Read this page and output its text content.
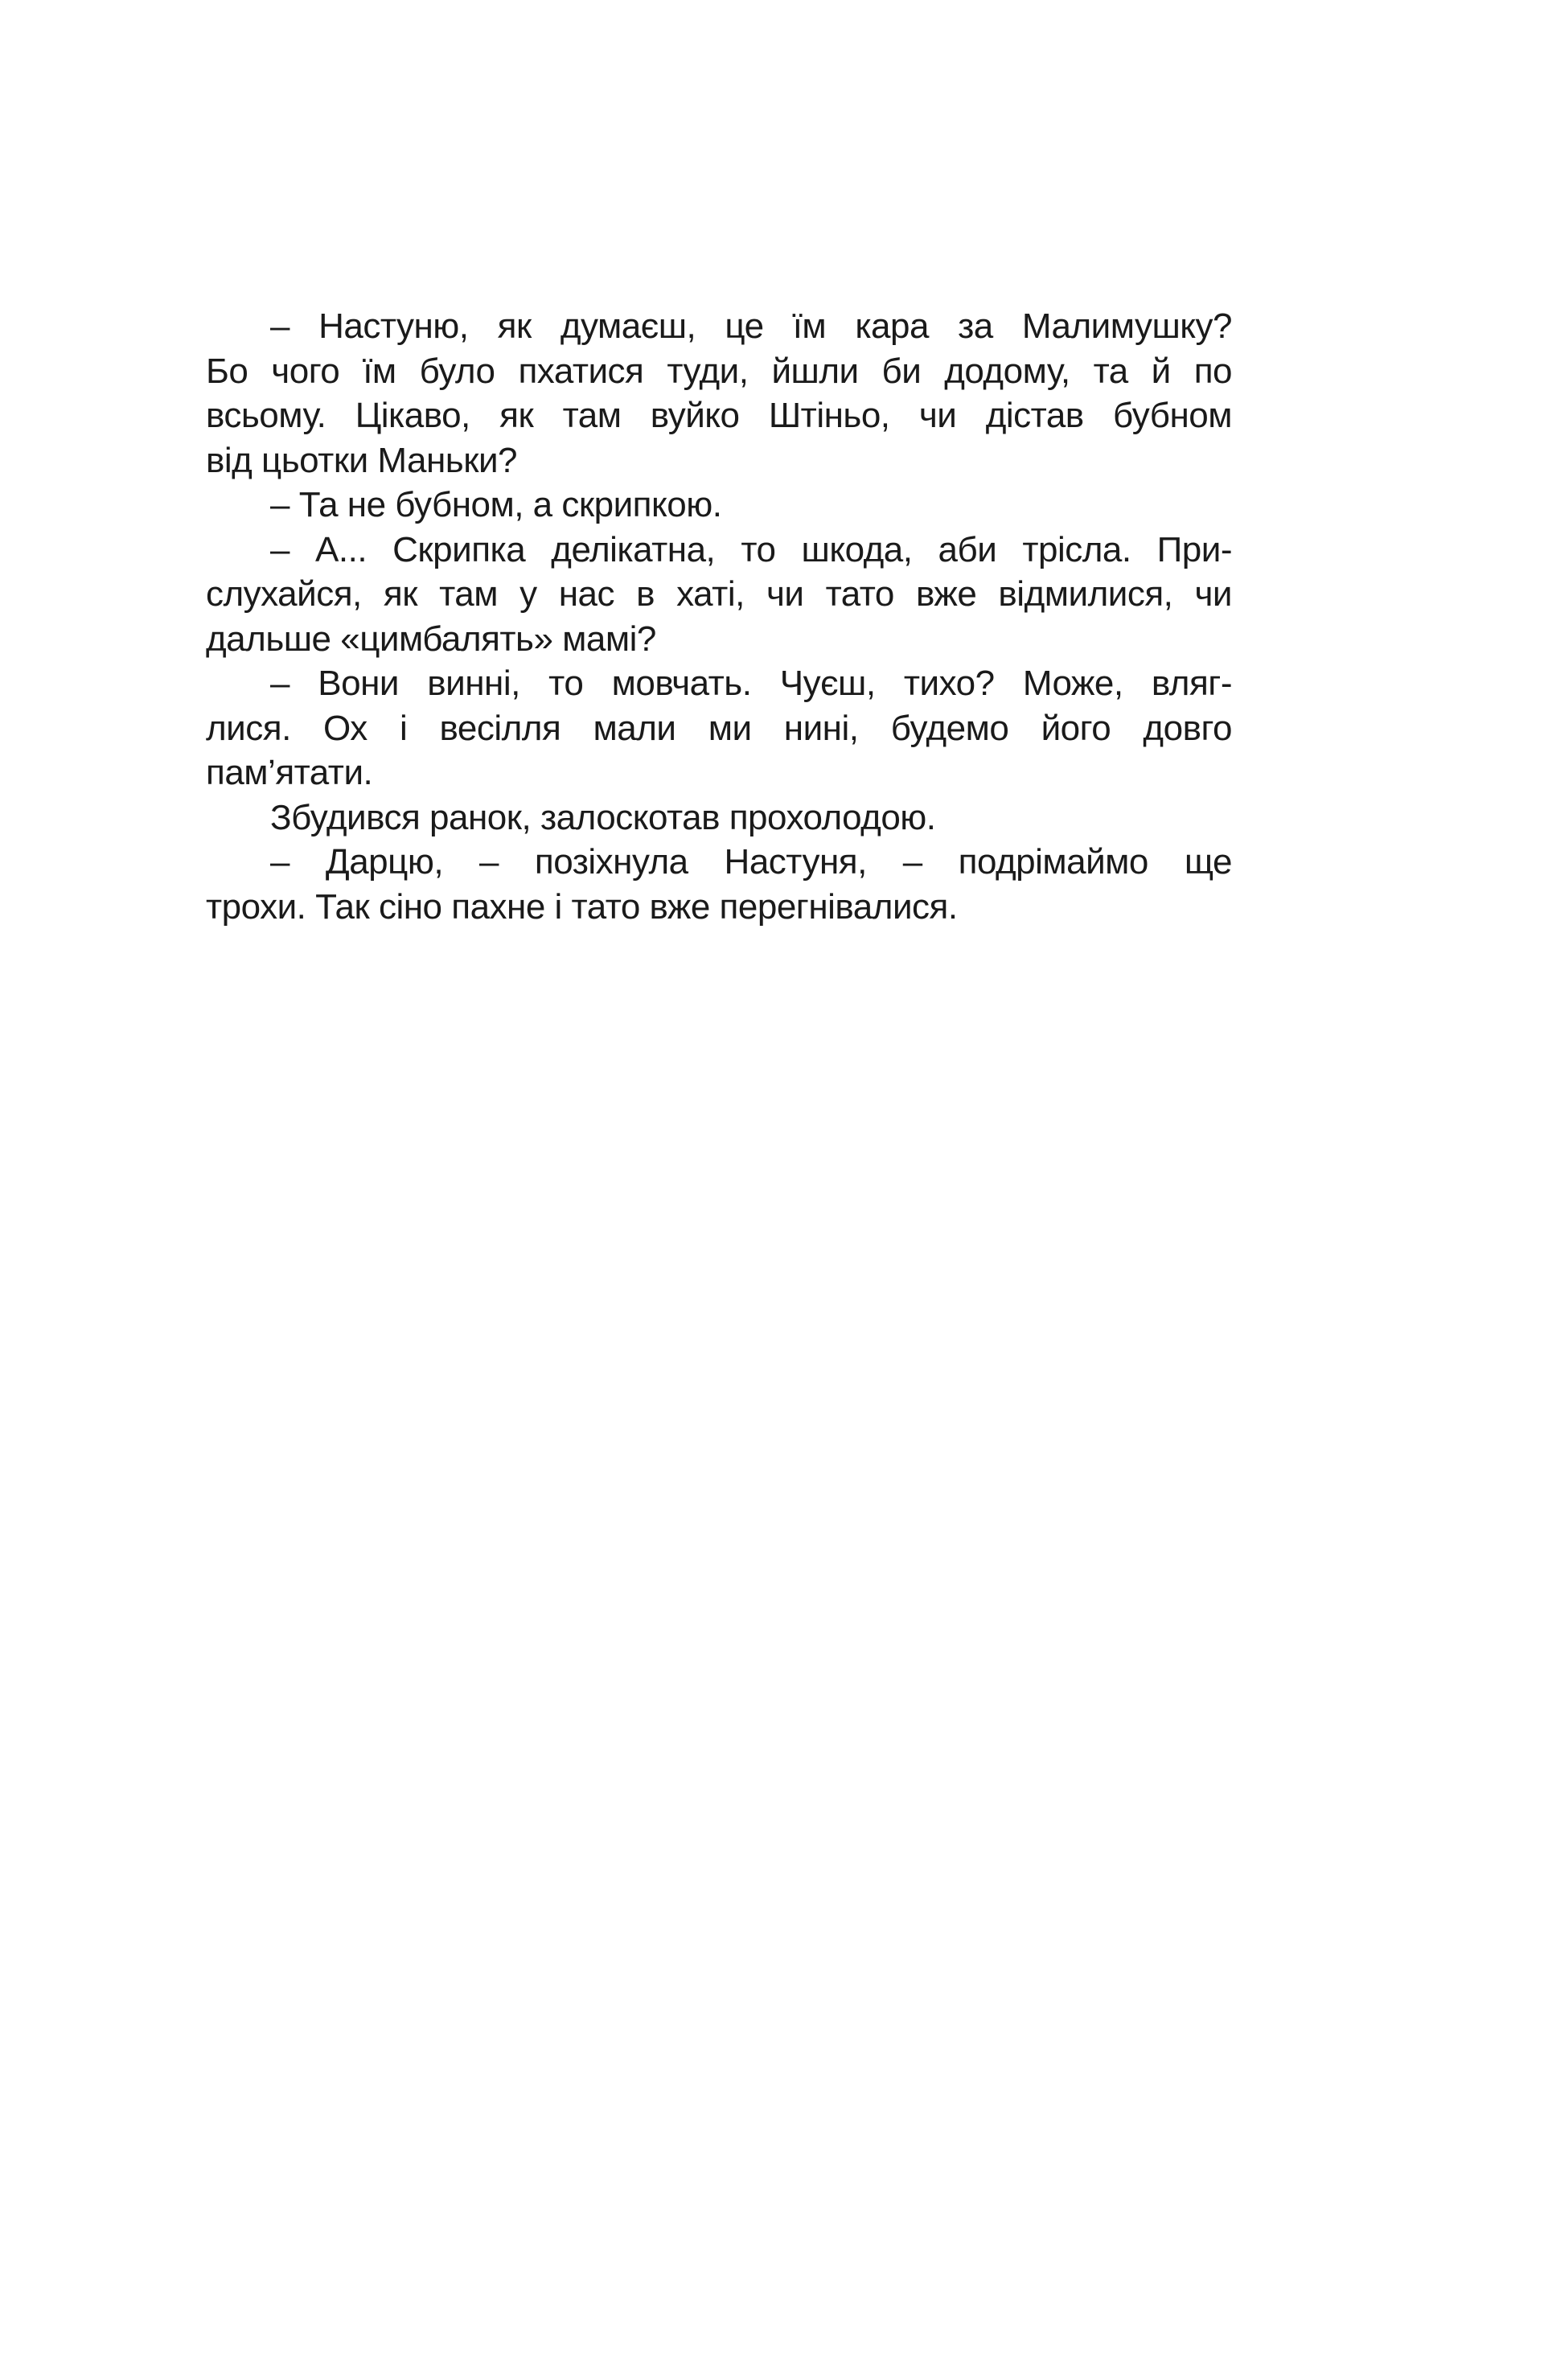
– Настуню, як думаєш, це їм кара за Малимушку?
Бо чого їм було пхатися туди, йшли би додому, та й по
всьому. Цікаво, як там вуйко Штіньо, чи дістав бубном
від цьотки Маньки?
– Та не бубном, а скрипкою.
– А... Скрипка делікатна, то шкода, аби трісла. При-
слухайся, як там у нас в хаті, чи тато вже відмилися, чи
дальше «цимбалять» мамі?
– Вони винні, то мовчать. Чуєш, тихо? Може, вляг-
лися. Ох і весілля мали ми нині, будемо його довго
пам’ятати.
Збудився ранок, залоскотав прохолодою.
– Дарцю, – позіхнула Настуня, – подрімаймо ще
трохи. Так сіно пахне і тато вже перегнівалися.
